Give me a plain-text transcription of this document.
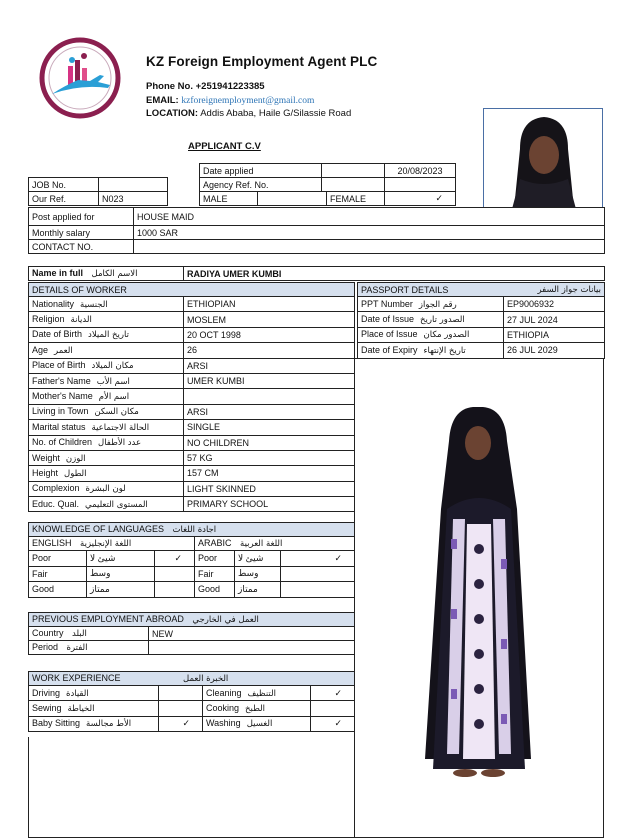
KZ Foreign Employment Agent PLC
Phone No. +251941223385
EMAIL: kzforeignemployment@gmail.com
LOCATION: Addis Ababa, Haile G/Silassie Road
APPLICANT C.V
Date applied		20/08/2023
Agency Ref. No.		
JOB No.	
Our Ref.	N023	MALE		FEMALE	✓
Post applied for	HOUSE MAID
Monthly salary	1000 SAR
CONTACT NO.	
Name in full الاسم الكامل	RADIYA UMER KUMBI
DETAILS OF WORKER	
Nationality الجنسية	ETHIOPIAN
Religion الديانة	MOSLEM
Date of Birth تاريخ الميلاد	20 OCT 1998
Age العمر	26
Place of Birth مكان الميلاد	ARSI
Father's Name اسم الأب	UMER KUMBI
Mother's Name اسم الأم	
Living in Town مكان السكن	ARSI
Marital status الحالة الاجتماعية	SINGLE
No. of Children عدد الأطفال	NO CHILDREN
Weight الوزن	57 KG
Height الطول	157 CM
Complexion لون البشرة	LIGHT SKINNED
Educ. Qual. المستوى التعليمي	PRIMARY SCHOOL
PASSPORT DETAILS بيانات جواز السفر	

PPT Number رقم الجواز	EP9006932
Date of Issue الصدور تاريخ	27 JUL 2024
Place of Issue الصدور مكان	ETHIOPIA
Date of Expiry تاريخ الإنتهاء	26 JUL 2029
KNOWLEDGE OF LANGUAGES اجادة اللغات					
ENGLISH اللغة الإنجليزية			ARABIC اللغة العربية		
Poor	شيئ لا	✓	Poor	شيئ لا	✓
Fair	وسط		Fair	وسط	
Good	ممتاز		Good	ممتاز	
PREVIOUS EMPLOYMENT ABROAD العمل في الخارجي	
Country البلد	NEW
Period الفترة	
WORK EXPERIENCE الخبرة العمل			
Driving القيادة		Cleaning التنظيف	✓
Sewing الخياطة		Cooking الطبخ	
Baby Sitting الأط مجالسة	✓	Washing الغسيل	✓
